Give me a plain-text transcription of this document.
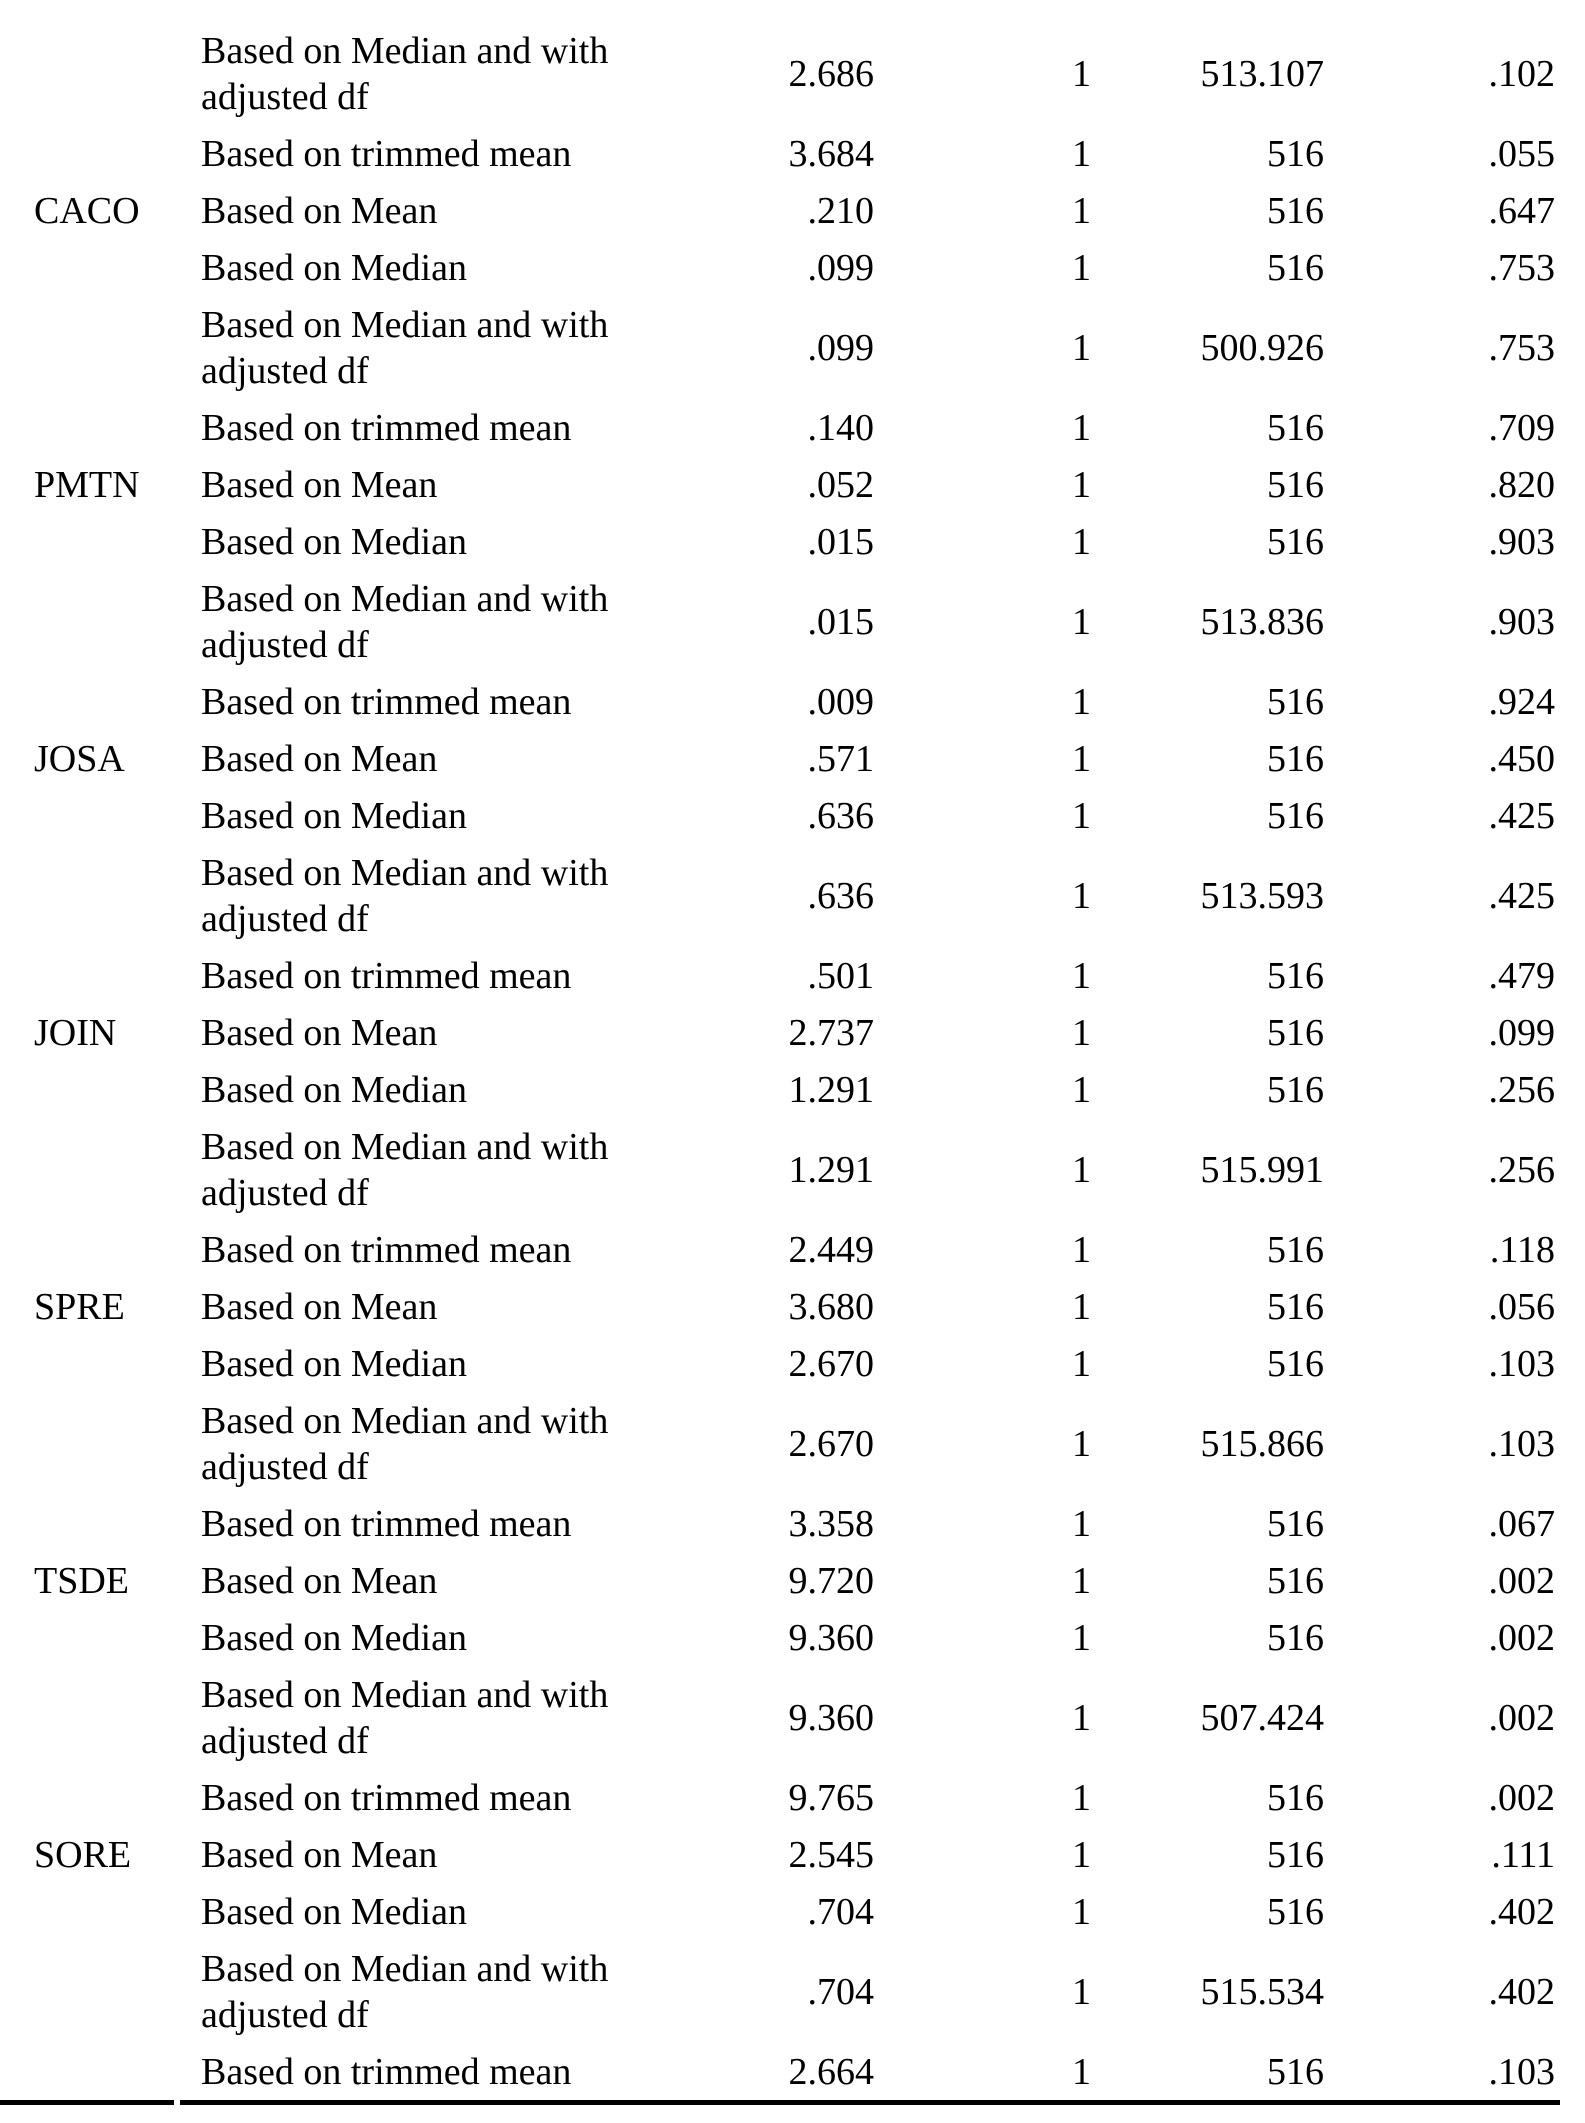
	Based on Median and with adjusted df	2.686	1	513.107	.102
	Based on trimmed mean	3.684	1	516	.055
CACO	Based on Mean	.210	1	516	.647
	Based on Median	.099	1	516	.753
	Based on Median and with adjusted df	.099	1	500.926	.753
	Based on trimmed mean	.140	1	516	.709
PMTN	Based on Mean	.052	1	516	.820
	Based on Median	.015	1	516	.903
	Based on Median and with adjusted df	.015	1	513.836	.903
	Based on trimmed mean	.009	1	516	.924
JOSA	Based on Mean	.571	1	516	.450
	Based on Median	.636	1	516	.425
	Based on Median and with adjusted df	.636	1	513.593	.425
	Based on trimmed mean	.501	1	516	.479
JOIN	Based on Mean	2.737	1	516	.099
	Based on Median	1.291	1	516	.256
	Based on Median and with adjusted df	1.291	1	515.991	.256
	Based on trimmed mean	2.449	1	516	.118
SPRE	Based on Mean	3.680	1	516	.056
	Based on Median	2.670	1	516	.103
	Based on Median and with adjusted df	2.670	1	515.866	.103
	Based on trimmed mean	3.358	1	516	.067
TSDE	Based on Mean	9.720	1	516	.002
	Based on Median	9.360	1	516	.002
	Based on Median and with adjusted df	9.360	1	507.424	.002
	Based on trimmed mean	9.765	1	516	.002
SORE	Based on Mean	2.545	1	516	.111
	Based on Median	.704	1	516	.402
	Based on Median and with adjusted df	.704	1	515.534	.402
	Based on trimmed mean	2.664	1	516	.103
